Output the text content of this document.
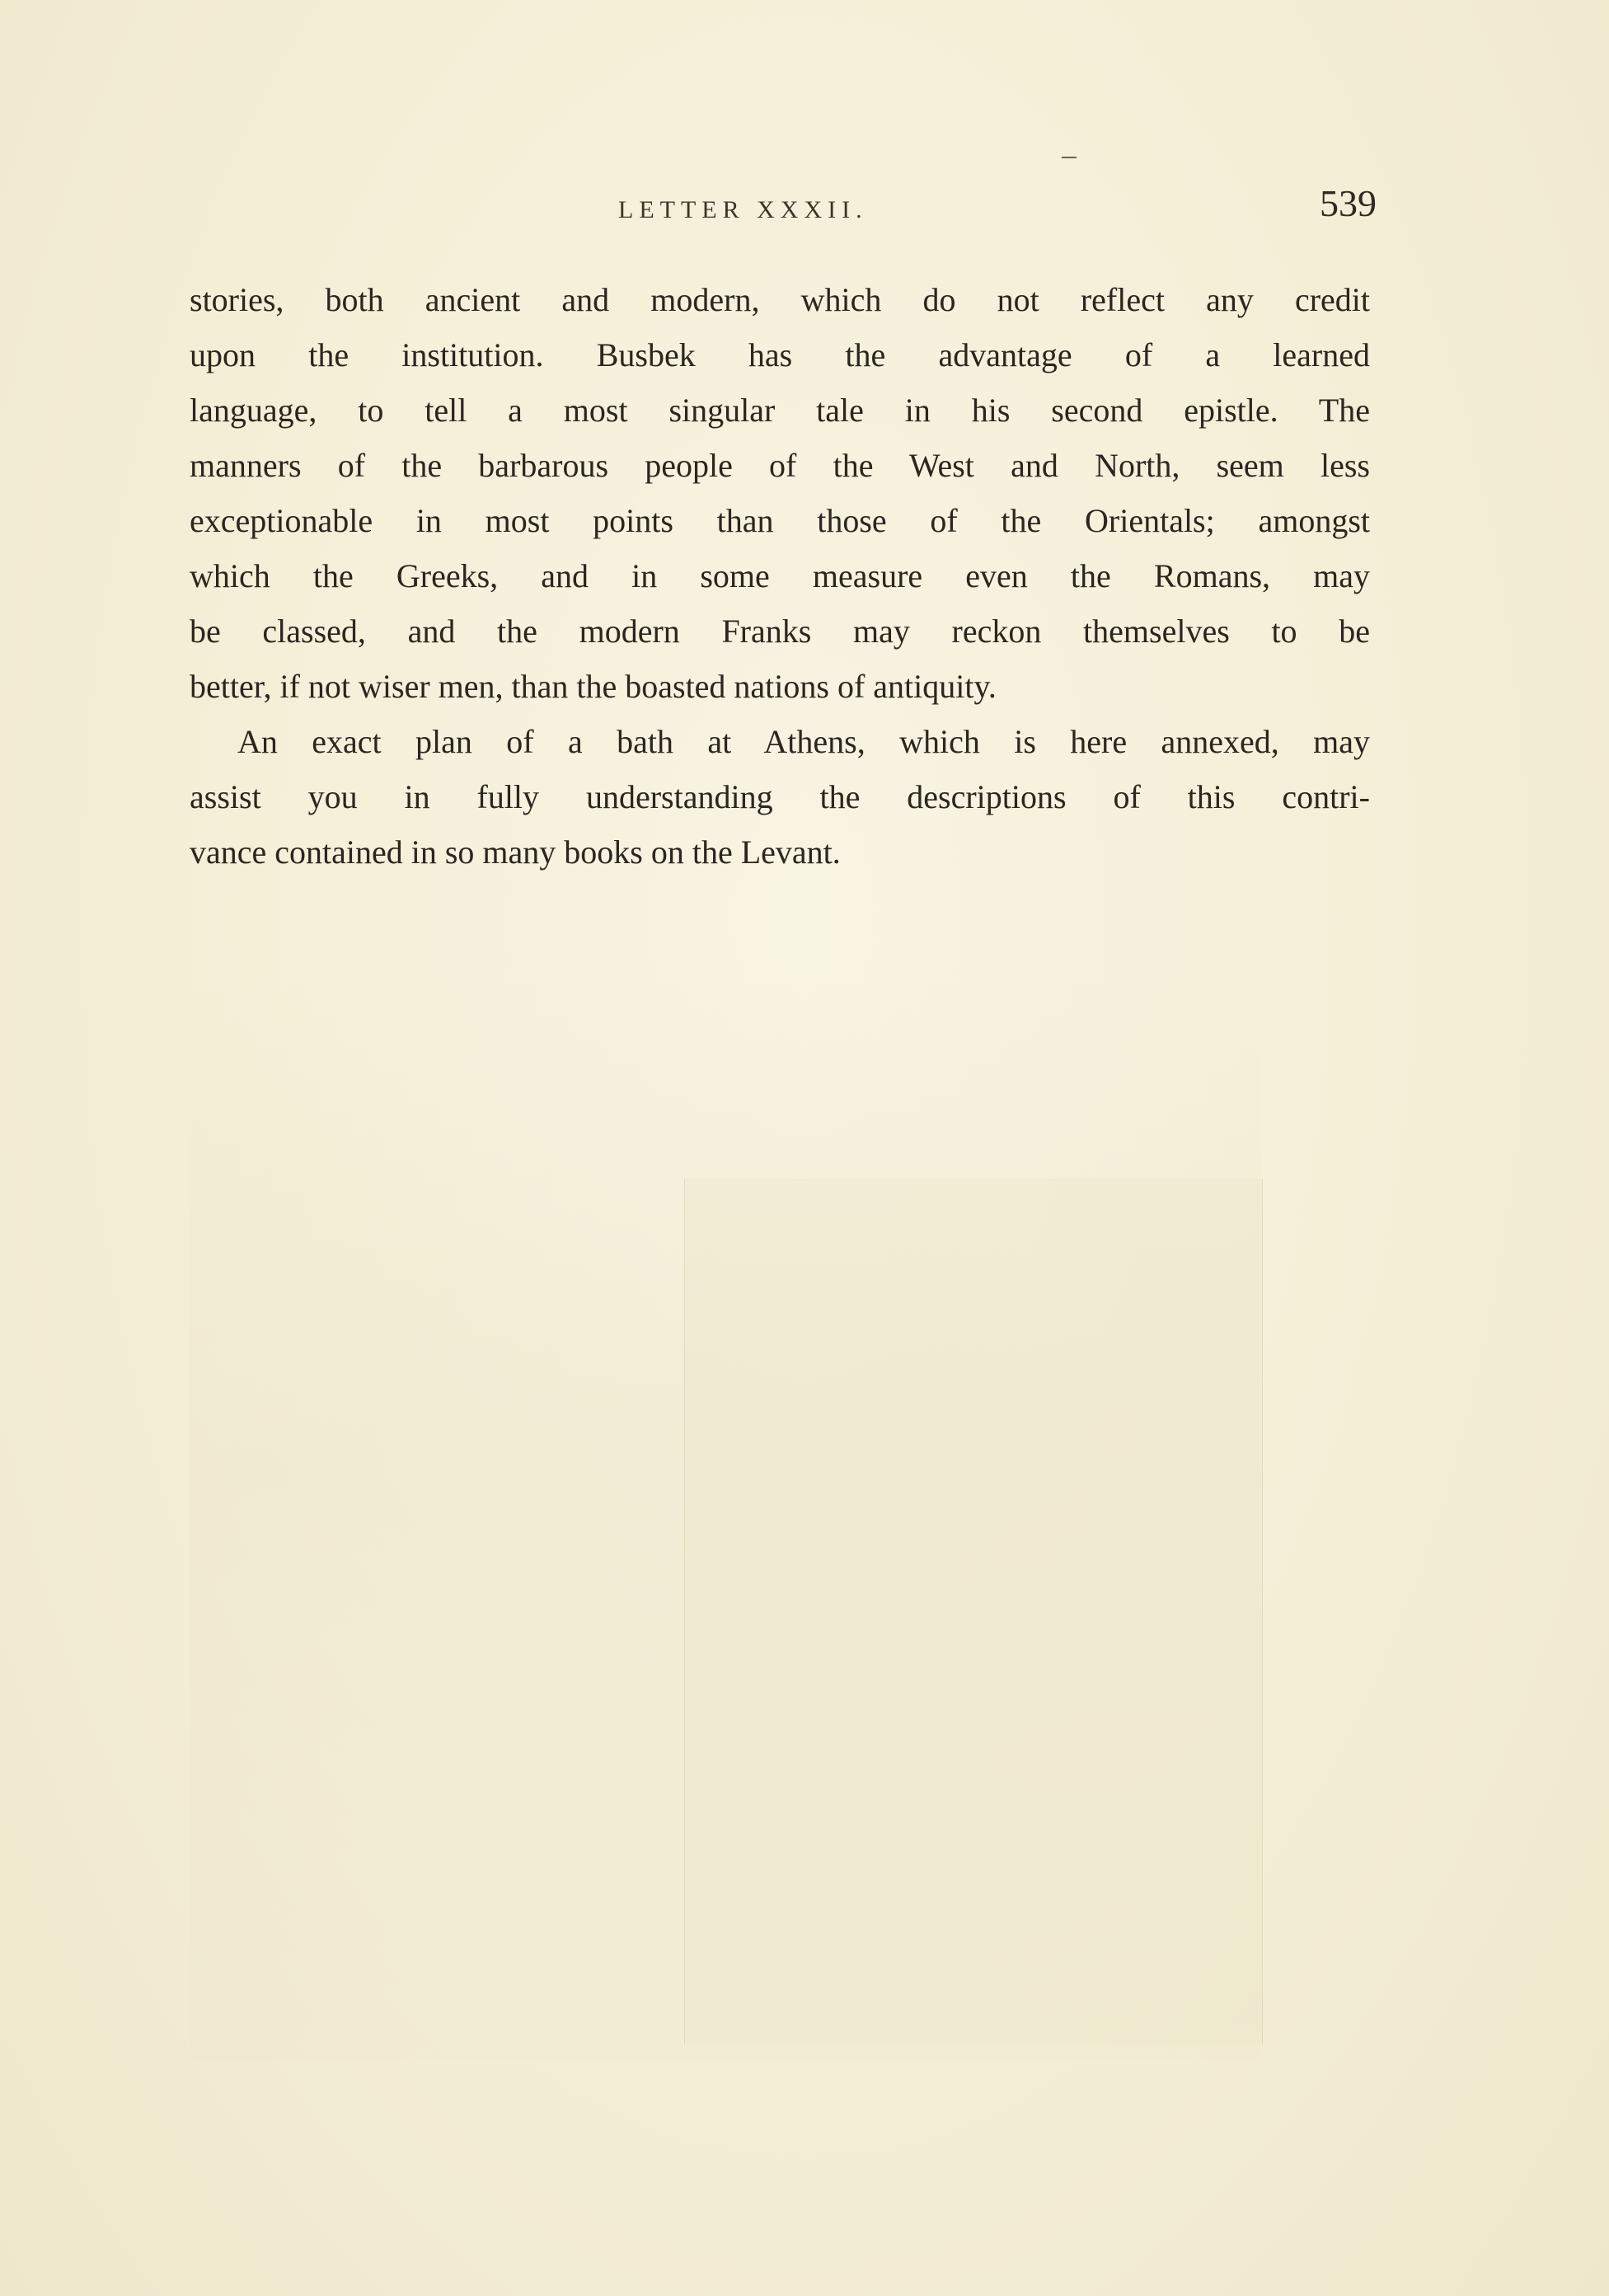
LETTER XXXII.	539
stories, both ancient and modern, which do not reflect any credit
upon the institution. Busbek has the advantage of a learned
language, to tell a most singular tale in his second epistle. The
manners of the barbarous people of the West and North, seem less
exceptionable in most points than those of the Orientals; amongst
which the Greeks, and in some measure even the Romans, may
be classed, and the modern Franks may reckon themselves to be
better, if not wiser men, than the boasted nations of antiquity.
An exact plan of a bath at Athens, which is here annexed, may
assist you in fully understanding the descriptions of this contri-
vance contained in so many books on the Levant.
